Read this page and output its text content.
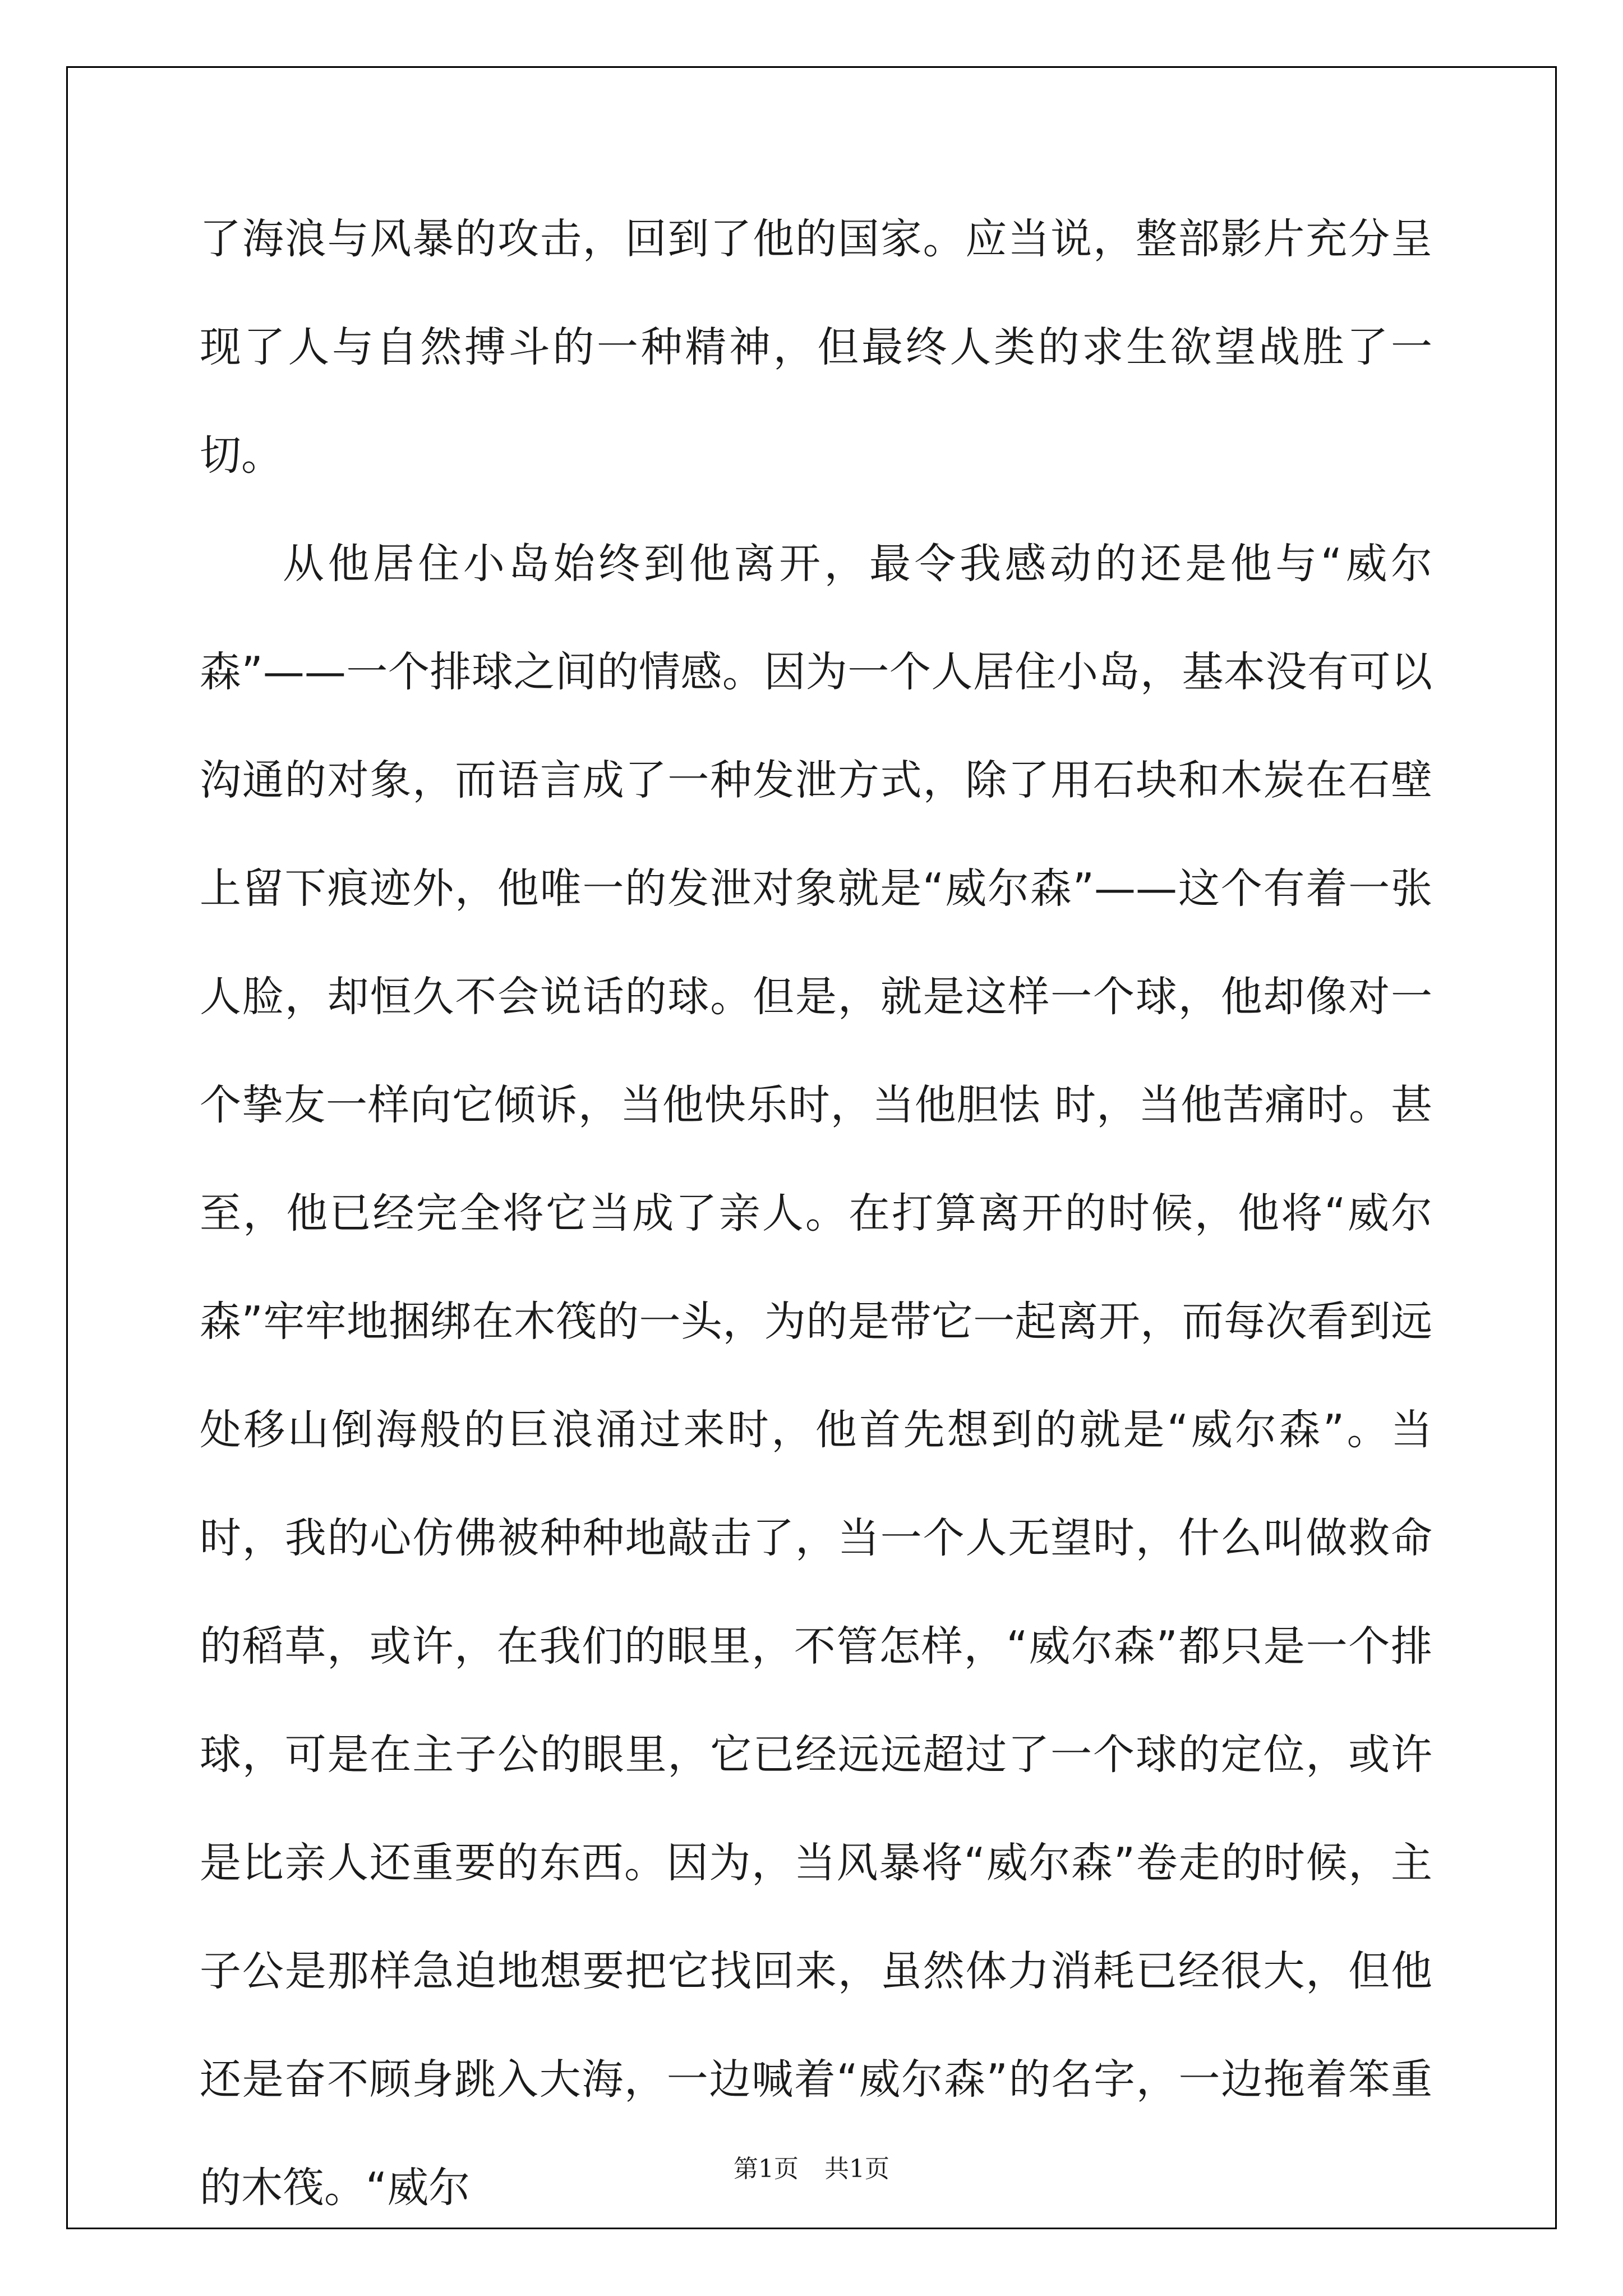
了海浪与风暴的攻击，回到了他的国家。应当说，整部影片充分呈现了人与自然搏斗的一种精神，但最终人类的求生欲望战胜了一切。

从他居住小岛始终到他离开，最令我感动的还是他与“威尔森”——一个排球之间的情感。因为一个人居住小岛，基本没有可以沟通的对象，而语言成了一种发泄方式，除了用石块和木炭在石壁上留下痕迹外，他唯一的发泄对象就是“威尔森”——这个有着一张人脸，却恒久不会说话的球。但是，就是这样一个球，他却像对一个挚友一样向它倾诉，当他快乐时，当他胆怯 时，当他苦痛时。甚至，他已经完全将它当成了亲人。在打算离开的时候，他将“威尔森”牢牢地捆绑在木筏的一头，为的是带它一起离开，而每次看到远处移山倒海般的巨浪涌过来时，他首先想到的就是“威尔森”。当时，我的心仿佛被种种地敲击了，当一个人无望时，什么叫做救命的稻草，或许，在我们的眼里，不管怎样，“威尔森”都只是一个排球，可是在主子公的眼里，它已经远远超过了一个球的定位，或许是比亲人还重要的东西。因为，当风暴将“威尔森”卷走的时候，主子公是那样急迫地想要把它找回来，虽然体力消耗已经很大，但他还是奋不顾身跳入大海，一边喊着“威尔森”的名字，一边拖着笨重的木筏。“威尔	第1页 共1页
